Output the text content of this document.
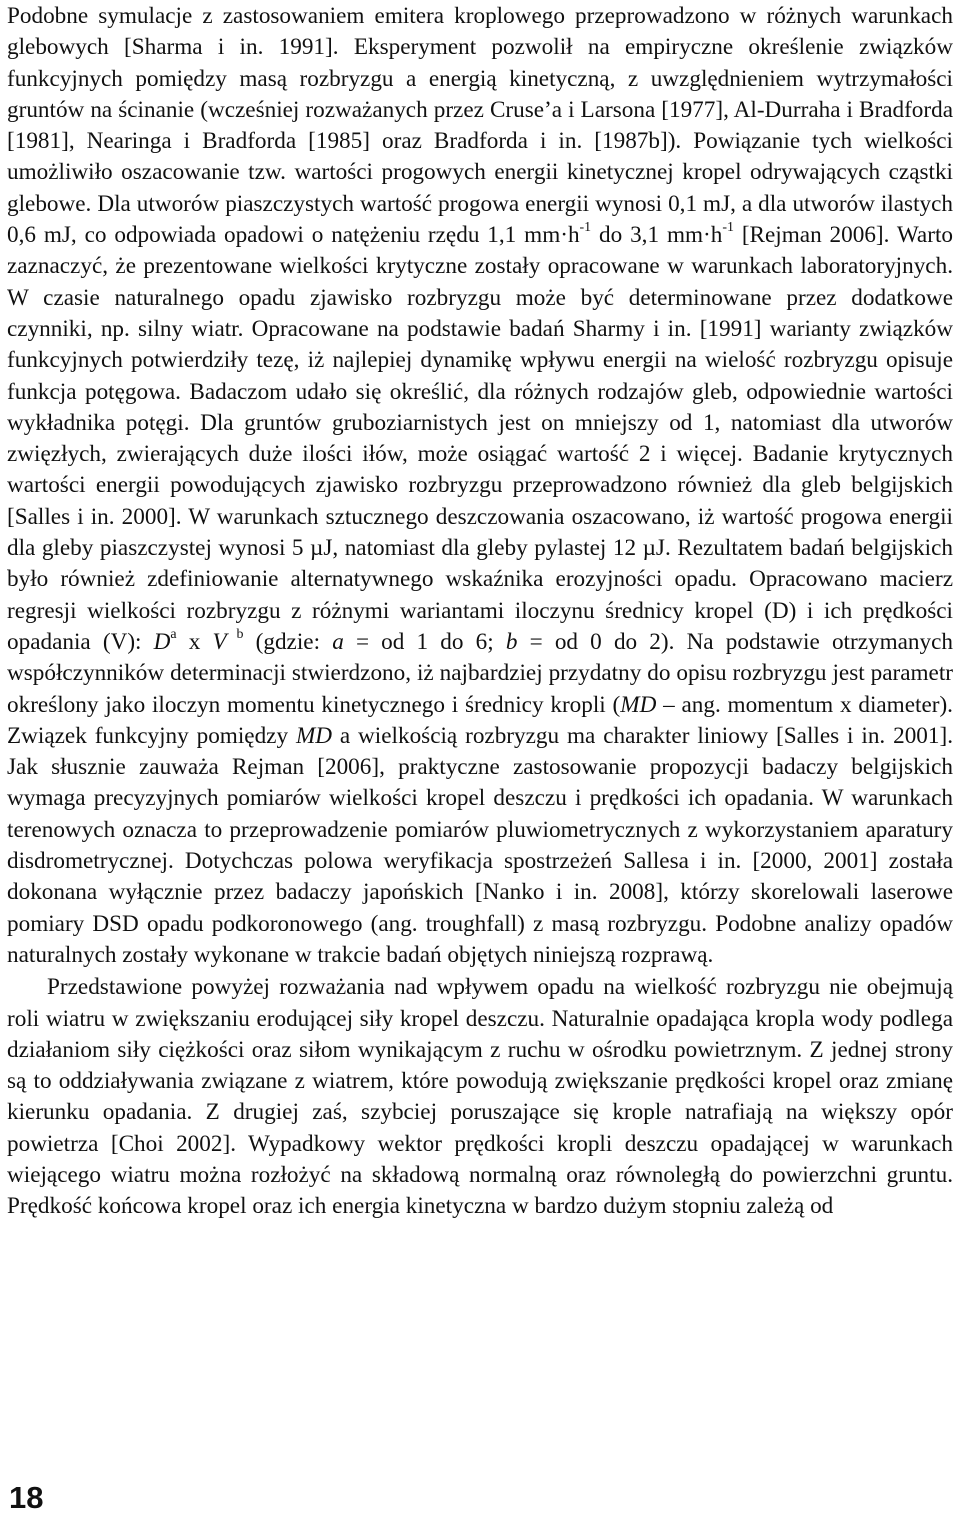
Podobne symulacje z zastosowaniem emitera kroplowego przeprowadzono w różnych warunkach glebowych [Sharma i in. 1991]. Eksperyment pozwolił na empiryczne określenie związków funkcyjnych pomiędzy masą rozbryzgu a energią kinetyczną, z uwzględnieniem wytrzymałości gruntów na ścinanie (wcześniej rozważanych przez Cruse’a i Larsona [1977], Al-Durraha i Bradforda [1981], Nearinga i Bradforda [1985] oraz Bradforda i in. [1987b]). Powiązanie tych wielkości umożliwiło oszacowanie tzw. wartości progowych energii kinetycznej kropel odrywających cząstki glebowe. Dla utworów piaszczystych wartość progowa energii wynosi 0,1 mJ, a dla utworów ilastych 0,6 mJ, co odpowiada opadowi o natężeniu rzędu 1,1 $mm\cdot h^{-1}$ do 3,1 $mm\cdot h^{-1}$ [Rejman 2006]. Warto zaznaczyć, że prezentowane wielkości krytyczne zostały opracowane w warunkach laboratoryjnych. W czasie naturalnego opadu zjawisko rozbryzgu może być determinowane przez dodatkowe czynniki, np. silny wiatr. Opracowane na podstawie badań Sharmy i in. [1991] warianty związków funkcyjnych potwierdziły tezę, iż najlepiej dynamikę wpływu energii na wielość rozbryzgu opisuje funkcja potęgowa. Badaczom udało się określić, dla różnych rodzajów gleb, odpowiednie wartości wykładnika potęgi. Dla gruntów gruboziarnistych jest on mniejszy od 1, natomiast dla utworów zwięzłych, zwierających duże ilości iłów, może osiągać wartość 2 i więcej. Badanie krytycznych wartości energii powodujących zjawisko rozbryzgu przeprowadzono również dla gleb belgijskich [Salles i in. 2000]. W warunkach sztucznego deszczowania oszacowano, iż wartość progowa energii dla gleby piaszczystej wynosi 5 µJ, natomiast dla gleby pylastej 12 µJ. Rezultatem badań belgijskich było również zdefiniowanie alternatywnego wskaźnika erozyjności opadu. Opracowano macierz regresji wielkości rozbryzgu z różnymi wariantami iloczynu średnicy kropel (D) i ich prędkości opadania (V): $D^a$ x V $^b$ (gdzie: a = od 1 do 6; b = od 0 do 2). Na podstawie otrzymanych współczynników determinacji stwierdzono, iż najbardziej przydatny do opisu rozbryzgu jest parametr określony jako iloczyn momentu kinetycznego i średnicy kropli (MD – ang. momentum x diameter). Związek funkcyjny pomiędzy MD a wielkością rozbryzgu ma charakter liniowy [Salles i in. 2001]. Jak słusznie zauważa Rejman [2006], praktyczne zastosowanie propozycji badaczy belgijskich wymaga precyzyjnych pomiarów wielkości kropel deszczu i prędkości ich opadania. W warunkach terenowych oznacza to przeprowadzenie pomiarów pluwiometrycznych z wykorzystaniem aparatury disdrometrycznej. Dotychczas polowa weryfikacja spostrzeżeń Sallesa i in. [2000, 2001] została dokonana wyłącznie przez badaczy japońskich [Nanko i in. 2008], którzy skorelowali laserowe pomiary DSD opadu podkoronowego (ang. troughfall) z masą rozbryzgu. Podobne analizy opadów naturalnych zostały wykonane w trakcie badań objętych niniejszą rozprawą.

Przedstawione powyżej rozważania nad wpływem opadu na wielkość rozbryzgu nie obejmują roli wiatru w zwiększaniu erodującej siły kropel deszczu. Naturalnie opadająca kropla wody podlega działaniom siły ciężkości oraz siłom wynikającym z ruchu w ośrodku powietrznym. Z jednej strony są to oddziaływania związane z wiatrem, które powodują zwiększanie prędkości kropel oraz zmianę kierunku opadania. Z drugiej zaś, szybciej poruszające się krople natrafiają na większy opór powietrza [Choi 2002]. Wypadkowy wektor prędkości kropli deszczu opadającej w warunkach wiejącego wiatru można rozłożyć na składową normalną oraz równoległą do powierzchni gruntu. Prędkość końcowa kropel oraz ich energia kinetyczna w bardzo dużym stopniu zależą od

18
